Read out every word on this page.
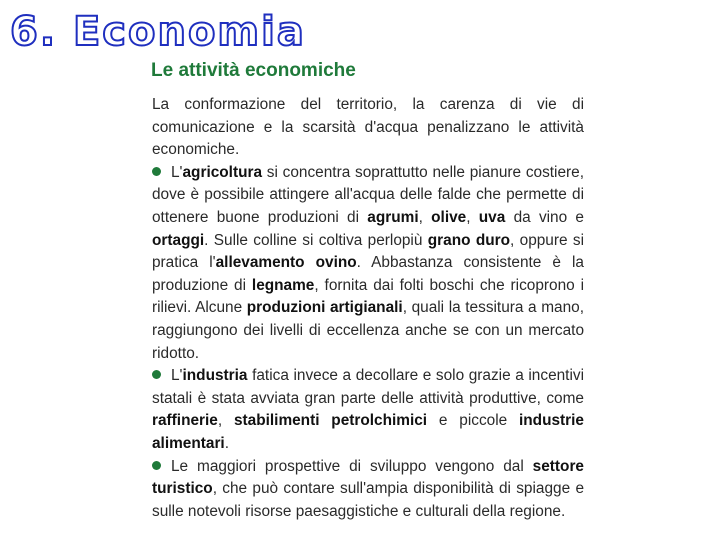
6. Economia
Le attività economiche

La conformazione del territorio, la carenza di vie di comunicazione e la scarsità d'acqua penalizzano le attività economiche.

L'agricoltura si concentra soprattutto nelle pianure costiere, dove è possibile attingere all'acqua delle falde che permette di ottenere buone produzioni di agrumi, olive, uva da vino e ortaggi. Sulle colline si coltiva perlopiù grano duro, oppure si pratica l'allevamento ovino. Abbastanza consistente è la produzione di legname, fornita dai folti boschi che ricoprono i rilievi. Alcune produzioni artigianali, quali la tessitura a mano, raggiungono dei livelli di eccellenza anche se con un mercato ridotto.

L'industria fatica invece a decollare e solo grazie a incentivi statali è stata avviata gran parte delle attività produttive, come raffinerie, stabilimenti petrolchimici e piccole industrie alimentari.

Le maggiori prospettive di sviluppo vengono dal settore turistico, che può contare sull'ampia disponibilità di spiagge e sulle notevoli risorse paesaggistiche e culturali della regione.
